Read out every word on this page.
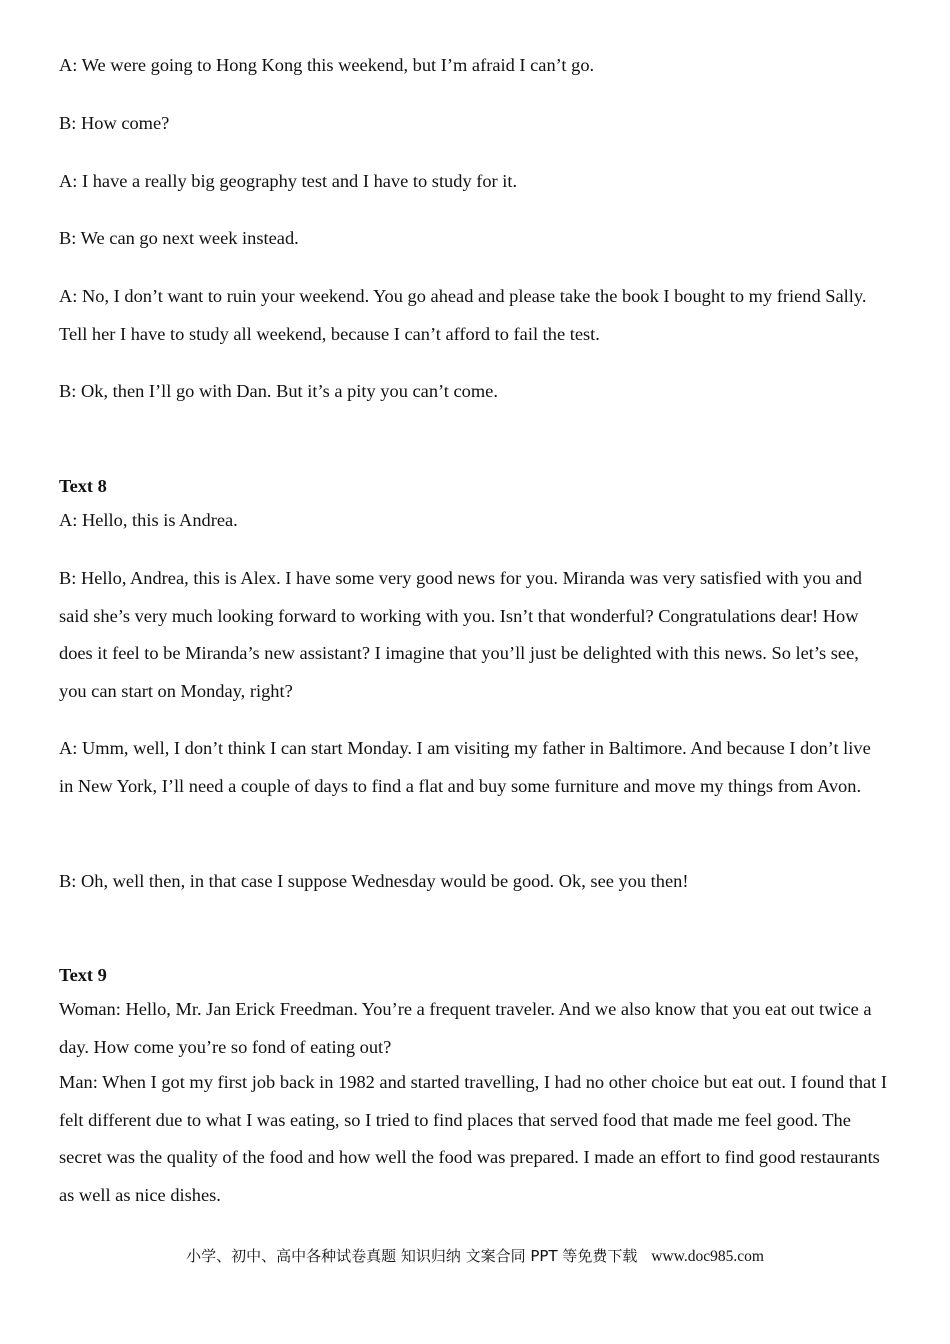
A: We were going to Hong Kong this weekend, but I’m afraid I can’t go.

B: How come?

A: I have a really big geography test and I have to study for it.

B: We can go next week instead.

A: No, I don’t want to ruin your weekend. You go ahead and please take the book I bought to my friend Sally. Tell her I have to study all weekend, because I can’t afford to fail the test.

B: Ok, then I’ll go with Dan. But it’s a pity you can’t come.

Text 8

A: Hello, this is Andrea.

B: Hello, Andrea, this is Alex. I have some very good news for you. Miranda was very satisfied with you and said she’s very much looking forward to working with you. Isn’t that wonderful? Congratulations dear! How does it feel to be Miranda’s new assistant? I imagine that you’ll just be delighted with this news. So let’s see, you can start on Monday, right?

A: Umm, well, I don’t think I can start Monday. I am visiting my father in Baltimore. And because I don’t live in New York, I’ll need a couple of days to find a flat and buy some furniture and move my things from Avon.

B: Oh, well then, in that case I suppose Wednesday would be good. Ok, see you then!

Text 9

Woman: Hello, Mr. Jan Erick Freedman. You’re a frequent traveler. And we also know that you eat out twice a day. How come you’re so fond of eating out?

Man: When I got my first job back in 1982 and started travelling, I had no other choice but eat out. I found that I felt different due to what I was eating, so I tried to find places that served food that made me feel good. The secret was the quality of the food and how well the food was prepared. I made an effort to find good restaurants as well as nice dishes.

小学、初中、高中各种试卷真题 知识归纳 文案合同 PPT 等免费下载 www.doc985.com
